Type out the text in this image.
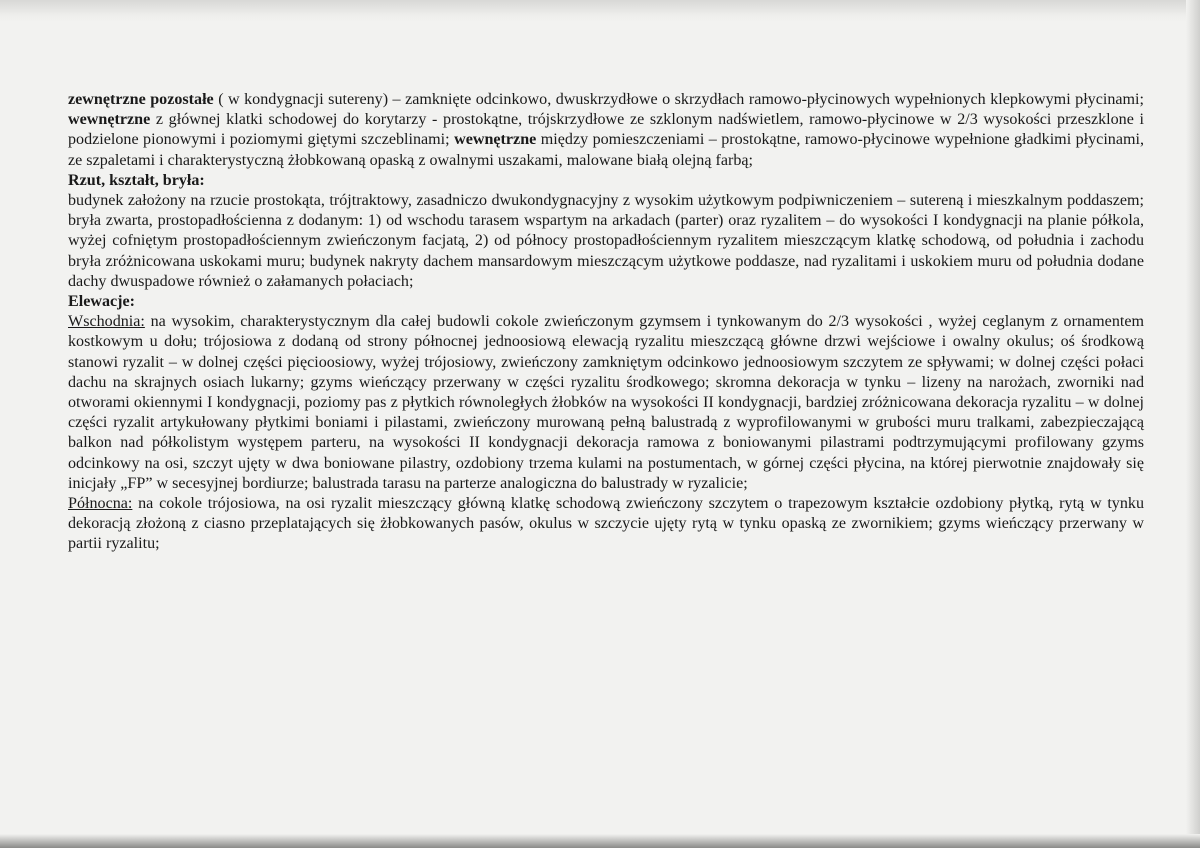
zewnętrzne pozostałe ( w kondygnacji sutereny) – zamknięte odcinkowo, dwuskrzydłowe o skrzydłach ramowo-płycinowych wypełnionych klepkowymi płycinami; wewnętrzne z głównej klatki schodowej do korytarzy - prostokątne, trójskrzydłowe ze szklonym nadświetlem, ramowo-płycinowe w 2/3 wysokości przeszklone i podzielone pionowymi i poziomymi giętymi szczeblinami; wewnętrzne między pomieszczeniami – prostokątne, ramowo-płycinowe wypełnione gładkimi płycinami, ze szpaletami i charakterystyczną żłobkowaną opaską z owalnymi uszakami, malowane białą olejną farbą;

Rzut, kształt, bryła:

budynek założony na rzucie prostokąta, trójtraktowy, zasadniczo dwukondygnacyjny z wysokim użytkowym podpiwniczeniem – sutereną i mieszkalnym poddaszem; bryła zwarta, prostopadłościenna z dodanym: 1) od wschodu tarasem wspartym na arkadach (parter) oraz ryzalitem – do wysokości I kondygnacji na planie półkola, wyżej cofniętym prostopadłościennym zwieńczonym facjatą, 2) od północy prostopadłościennym ryzalitem mieszczącym klatkę schodową, od południa i zachodu bryła zróżnicowana uskokami muru; budynek nakryty dachem mansardowym mieszczącym użytkowe poddasze, nad ryzalitami i uskokiem muru od południa dodane dachy dwuspadowe również o załamanych połaciach;

Elewacje:

Wschodnia: na wysokim, charakterystycznym dla całej budowli cokole zwieńczonym gzymsem i tynkowanym do 2/3 wysokości , wyżej ceglanym z ornamentem kostkowym u dołu; trójosiowa z dodaną od strony północnej jednoosiową elewacją ryzalitu mieszczącą główne drzwi wejściowe i owalny okulus; oś środkową stanowi ryzalit – w dolnej części pięcioosiowy, wyżej trójosiowy, zwieńczony zamkniętym odcinkowo jednoosiowym szczytem ze spływami; w dolnej części połaci dachu na skrajnych osiach lukarny; gzyms wieńczący przerwany w części ryzalitu środkowego; skromna dekoracja w tynku – lizeny na narożach, zworniki nad otworami okiennymi I kondygnacji, poziomy pas z płytkich równoległych żłobków na wysokości II kondygnacji, bardziej zróżnicowana dekoracja ryzalitu – w dolnej części ryzalit artykułowany płytkimi boniami i pilastami, zwieńczony murowaną pełną balustradą z wyprofilowanymi w grubości muru tralkami, zabezpieczającą balkon nad półkolistym występem parteru, na wysokości II kondygnacji dekoracja ramowa z boniowanymi pilastrami podtrzymującymi profilowany gzyms odcinkowy na osi, szczyt ujęty w dwa boniowane pilastry, ozdobiony trzema kulami na postumentach, w górnej części płycina, na której pierwotnie znajdowały się inicjały „FP” w secesyjnej bordiurze; balustrada tarasu na parterze analogiczna do balustrady w ryzalicie;

Północna: na cokole trójosiowa, na osi ryzalit mieszczący główną klatkę schodową zwieńczony szczytem o trapezowym kształcie ozdobiony płytką, rytą w tynku dekoracją złożoną z ciasno przeplatających się żłobkowanych pasów, okulus w szczycie ujęty rytą w tynku opaską ze zwornikiem; gzyms wieńczący przerwany w partii ryzalitu;
